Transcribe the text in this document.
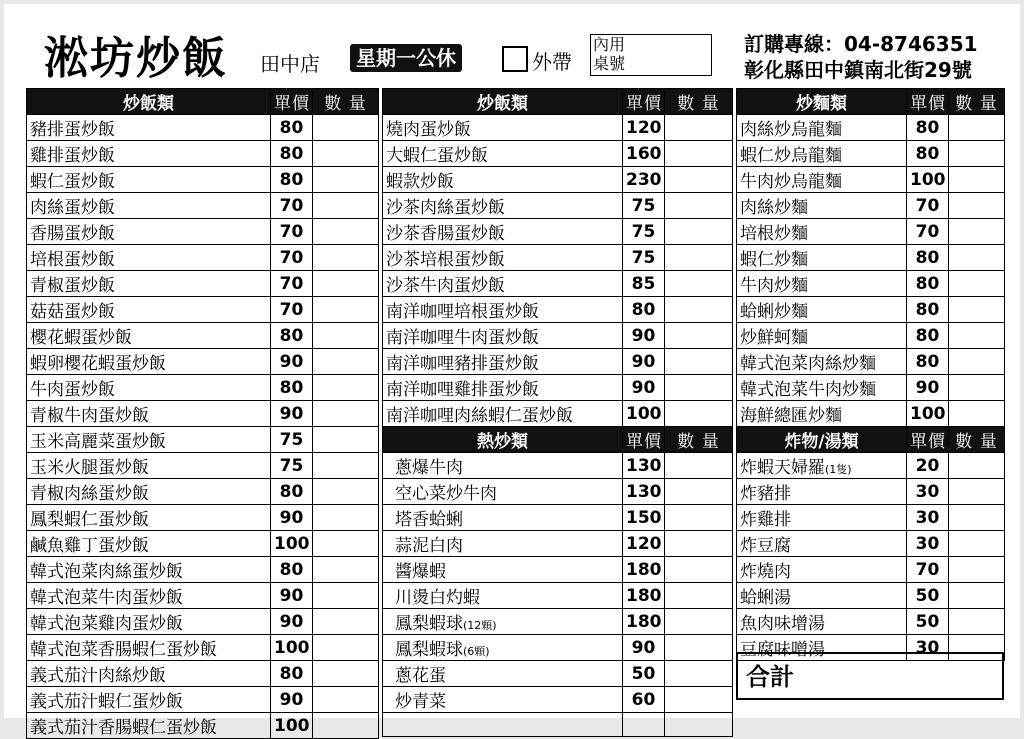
淞坊炒飯 田中店	星期一公休	外帶
內用
桌號
訂購專線：04-8746351
彰化縣田中鎮南北街29號
炒飯類	單價	數 量
豬排蛋炒飯	80	
雞排蛋炒飯	80	
蝦仁蛋炒飯	80	
肉絲蛋炒飯	70	
香腸蛋炒飯	70	
培根蛋炒飯	70	
青椒蛋炒飯	70	
菇菇蛋炒飯	70	
櫻花蝦蛋炒飯	80	
蝦卵櫻花蝦蛋炒飯	90	
牛肉蛋炒飯	80	
青椒牛肉蛋炒飯	90	
玉米高麗菜蛋炒飯	75	
玉米火腿蛋炒飯	75	
青椒肉絲蛋炒飯	80	
鳳梨蝦仁蛋炒飯	90	
鹹魚雞丁蛋炒飯	100	
韓式泡菜肉絲蛋炒飯	80	
韓式泡菜牛肉蛋炒飯	90	
韓式泡菜雞肉蛋炒飯	90	
韓式泡菜香腸蝦仁蛋炒飯	100	
義式茄汁肉絲炒飯	80	
義式茄汁蝦仁蛋炒飯	90	
義式茄汁香腸蝦仁蛋炒飯	100	
炒飯類	單價	數 量
燒肉蛋炒飯	120	
大蝦仁蛋炒飯	160	
蝦款炒飯	230	
沙茶肉絲蛋炒飯	75	
沙茶香腸蛋炒飯	75	
沙茶培根蛋炒飯	75	
沙茶牛肉蛋炒飯	85	
南洋咖哩培根蛋炒飯	80	
南洋咖哩牛肉蛋炒飯	90	
南洋咖哩豬排蛋炒飯	90	
南洋咖哩雞排蛋炒飯	90	
南洋咖哩肉絲蝦仁蛋炒飯	100	
熱炒類	單價	數 量
蔥爆牛肉	130	
空心菜炒牛肉	130	
塔香蛤蜊	150	
蒜泥白肉	120	
醬爆蝦	180	
川燙白灼蝦	180	
鳳梨蝦球(12顆)	180	
鳳梨蝦球(6顆)	90	
蔥花蛋	50	
炒青菜	60	

炒麵類	單價	數 量
肉絲炒烏龍麵	80	
蝦仁炒烏龍麵	80	
牛肉炒烏龍麵	100	
肉絲炒麵	70	
培根炒麵	70	
蝦仁炒麵	80	
牛肉炒麵	80	
蛤蜊炒麵	80	
炒鮮蚵麵	80	
韓式泡菜肉絲炒麵	80	
韓式泡菜牛肉炒麵	90	
海鮮總匯炒麵	100	
炸物/湯類	單價	數 量
炸蝦天婦羅(1隻)	20	
炸豬排	30	
炸雞排	30	
炸豆腐	30	
炸燒肉	70	
蛤蜊湯	50	
魚肉味增湯	50	
豆腐味噌湯	30	
合計
